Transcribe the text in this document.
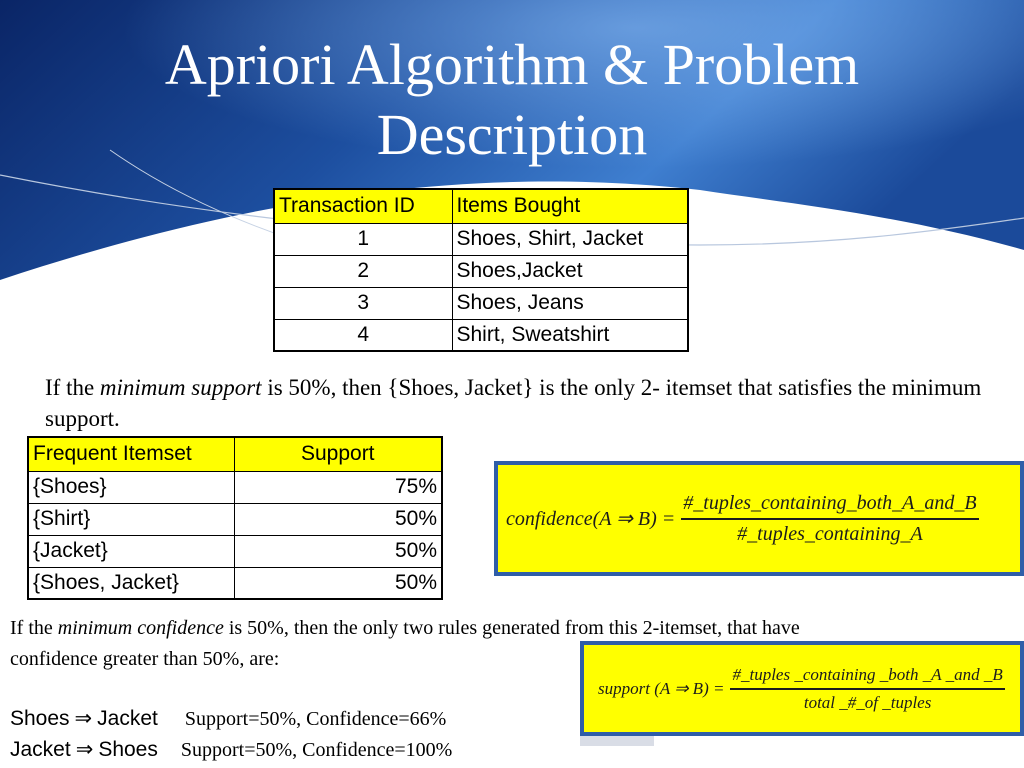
Apriori Algorithm & Problem
Description
Transaction ID	Items Bought
1	Shoes, Shirt, Jacket
2	Shoes,Jacket
3	Shoes, Jeans
4	Shirt, Sweatshirt
If the minimum support is 50%, then {Shoes, Jacket} is the only 2- itemset that satisfies the minimum support.
Frequent Itemset	Support
{Shoes}	75%
{Shirt}	50%
{Jacket}	50%
{Shoes, Jacket}	50%
confidence(A ⇒ $B) = \frac{\text{\#\_tuples\_containing\_both\_A\_and\_B}}{\text{\#\_tuples\_containing\_A}}$
If the minimum confidence is 50%, then the only two rules generated from this 2-itemset, that have confidence greater than 50%, are:
support (A ⇒ $B) = \frac{\text{\#\_tuples \_containing \_both \_A \_and \_B}}{\text{total \_\#\_of \_tuples}}$
Shoes ⇒ Jacket Support=50%, Confidence=66%
Jacket ⇒ Shoes Support=50%, Confidence=100%
